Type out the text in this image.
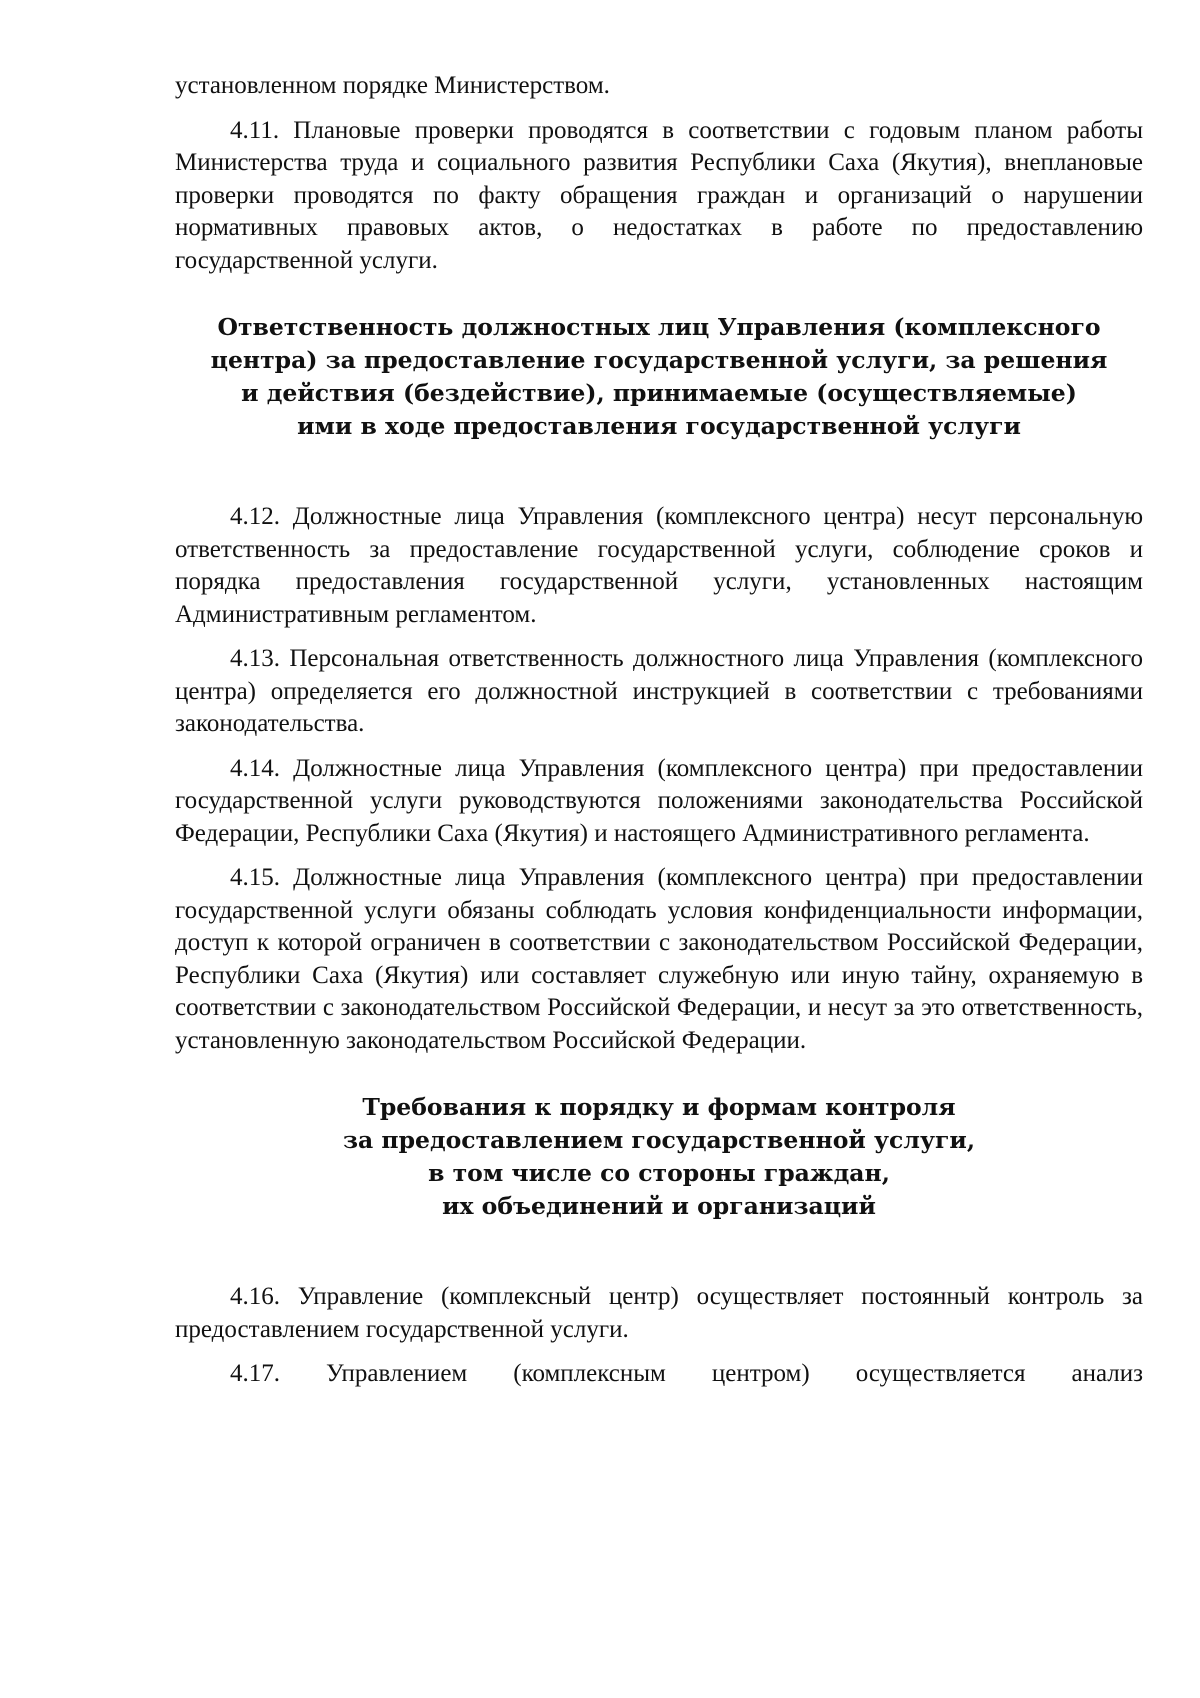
установленном порядке Министерством.

4.11. Плановые проверки проводятся в соответствии с годовым планом работы Министерства труда и социального развития Республики Саха (Якутия), внеплановые проверки проводятся по факту обращения граждан и организаций о нарушении нормативных правовых актов, о недостатках в работе по предоставлению государственной услуги.

Ответственность должностных лиц Управления (комплексного
центра) за предоставление государственной услуги, за решения
и действия (бездействие), принимаемые (осуществляемые)
ими в ходе предоставления государственной услуги

4.12. Должностные лица Управления (комплексного центра) несут персональную ответственность за предоставление государственной услуги, соблюдение сроков и порядка предоставления государственной услуги, установленных настоящим Административным регламентом.

4.13. Персональная ответственность должностного лица Управления (комплексного центра) определяется его должностной инструкцией в соответствии с требованиями законодательства.

4.14. Должностные лица Управления (комплексного центра) при предоставлении государственной услуги руководствуются положениями законодательства Российской Федерации, Республики Саха (Якутия) и настоящего Административного регламента.

4.15. Должностные лица Управления (комплексного центра) при предоставлении государственной услуги обязаны соблюдать условия конфиденциальности информации, доступ к которой ограничен в соответствии с законодательством Российской Федерации, Республики Саха (Якутия) или составляет служебную или иную тайну, охраняемую в соответствии с законодательством Российской Федерации, и несут за это ответственность, установленную законодательством Российской Федерации.

Требования к порядку и формам контроля
за предоставлением государственной услуги,
в том числе со стороны граждан,
их объединений и организаций

4.16. Управление (комплексный центр) осуществляет постоянный контроль за предоставлением государственной услуги.

4.17. Управлением (комплексным центром) осуществляется анализ
